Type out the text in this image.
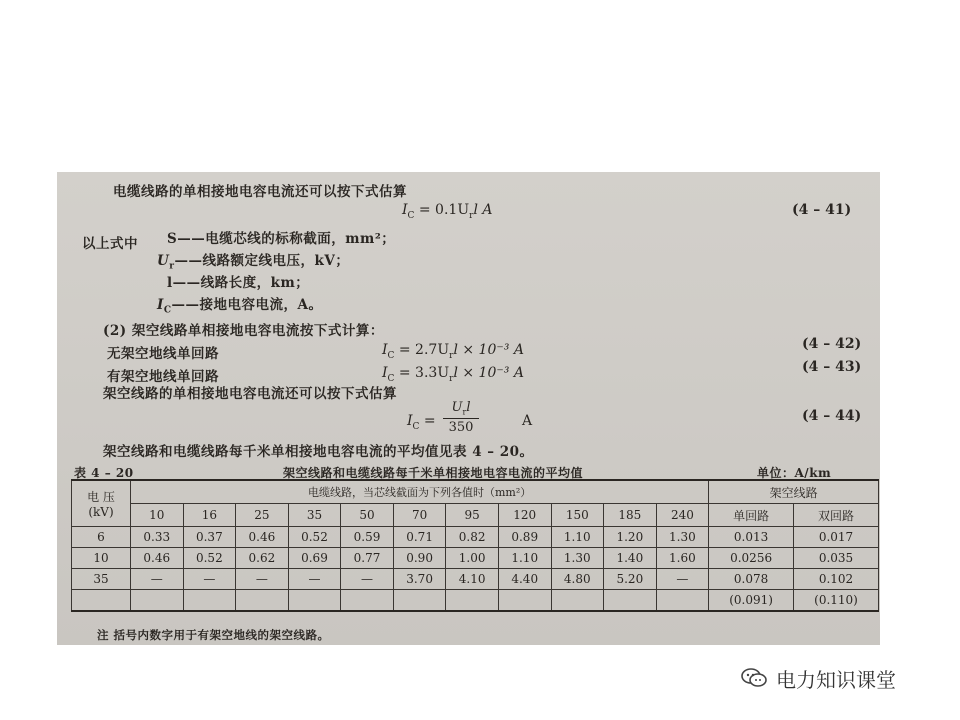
电缆线路的单相接地电容电流还可以按下式估算
$I_C = 0.1U_rl$ A	(4 – 41)
以上式中 S——电缆芯线的标称截面，mm²；
$U_r——$线路额定线电压，kV；
l——线路长度，km；
$I_C——$接地电容电流，A。
(2) 架空线路单相接地电容电流按下式计算：
无架空地线单回路	$I_C = 2.7U_rl \times 10^{-3}$ A	(4 – 42)
有架空地线单回路	$I_C = 3.3U_rl \times 10^{-3}$ A	(4 – 43)
架空线路的单相接地电容电流还可以按下式估算
$I_C$ =
$U_rl$
350	A	(4 – 44)
架空线路和电缆线路每千米单相接地电容电流的平均值见表 4 – 20。
表 4 – 20	架空线路和电缆线路每千米单相接地电容电流的平均值	单位：A/km
电 压
(kV)	电缆线路，当芯线截面为下列各值时（mm²）											架空线路	
	10	16	25	35	50	70	95	120	150	185	240	单回路	双回路
6	0.33	0.37	0.46	0.52	0.59	0.71	0.82	0.89	1.10	1.20	1.30	0.013	0.017
10	0.46	0.52	0.62	0.69	0.77	0.90	1.00	1.10	1.30	1.40	1.60	0.0256	0.035
35	—	—	—	—	—	3.70	4.10	4.40	4.80	5.20	—	0.078	0.102
												(0.091)	(0.110)
注 括号内数字用于有架空地线的架空线路。
电力知识课堂
